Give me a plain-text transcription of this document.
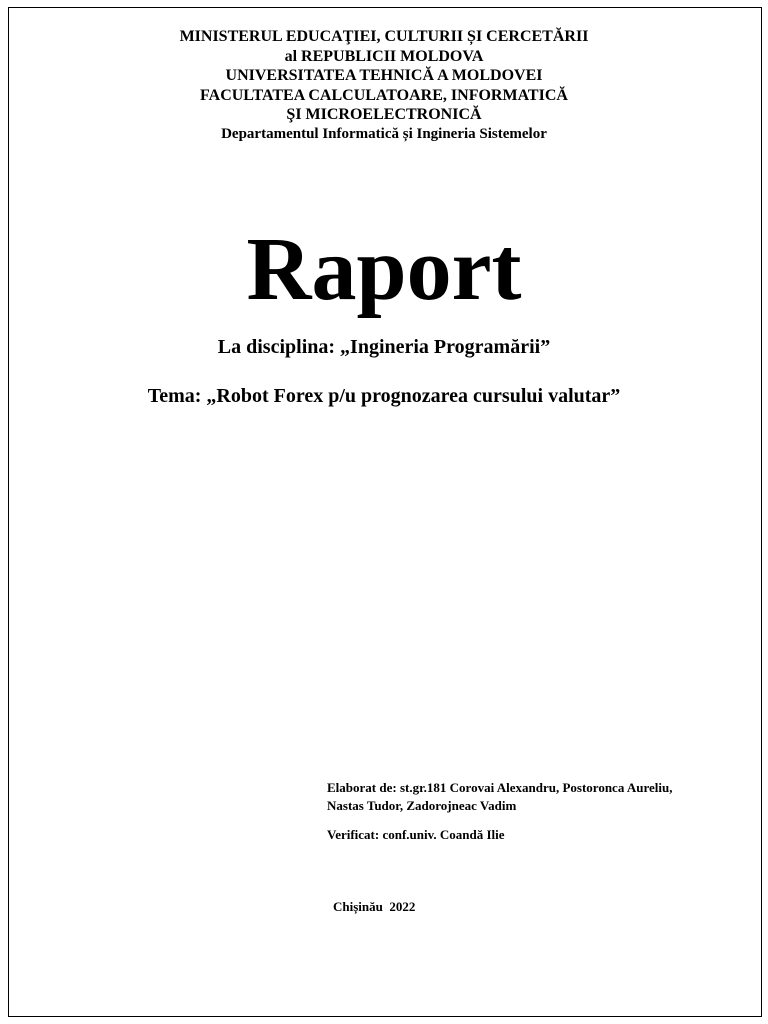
MINISTERUL EDUCAŢIEI, CULTURII ȘI CERCETĂRII
al REPUBLICII MOLDOVA
UNIVERSITATEA TEHNICĂ A MOLDOVEI
FACULTATEA CALCULATOARE, INFORMATICĂ
ŞI MICROELECTRONICĂ
Departamentul Informatică și Ingineria Sistemelor
Raport
La disciplina: „Ingineria Programării”
Tema: „Robot Forex p/u prognozarea cursului valutar”
Elaborat de: st.gr.181 Corovai Alexandru, Postoronca Aureliu,
Nastas Tudor, Zadorojneac Vadim
Verificat: conf.univ. Coandă Ilie
Chișinău  2022
